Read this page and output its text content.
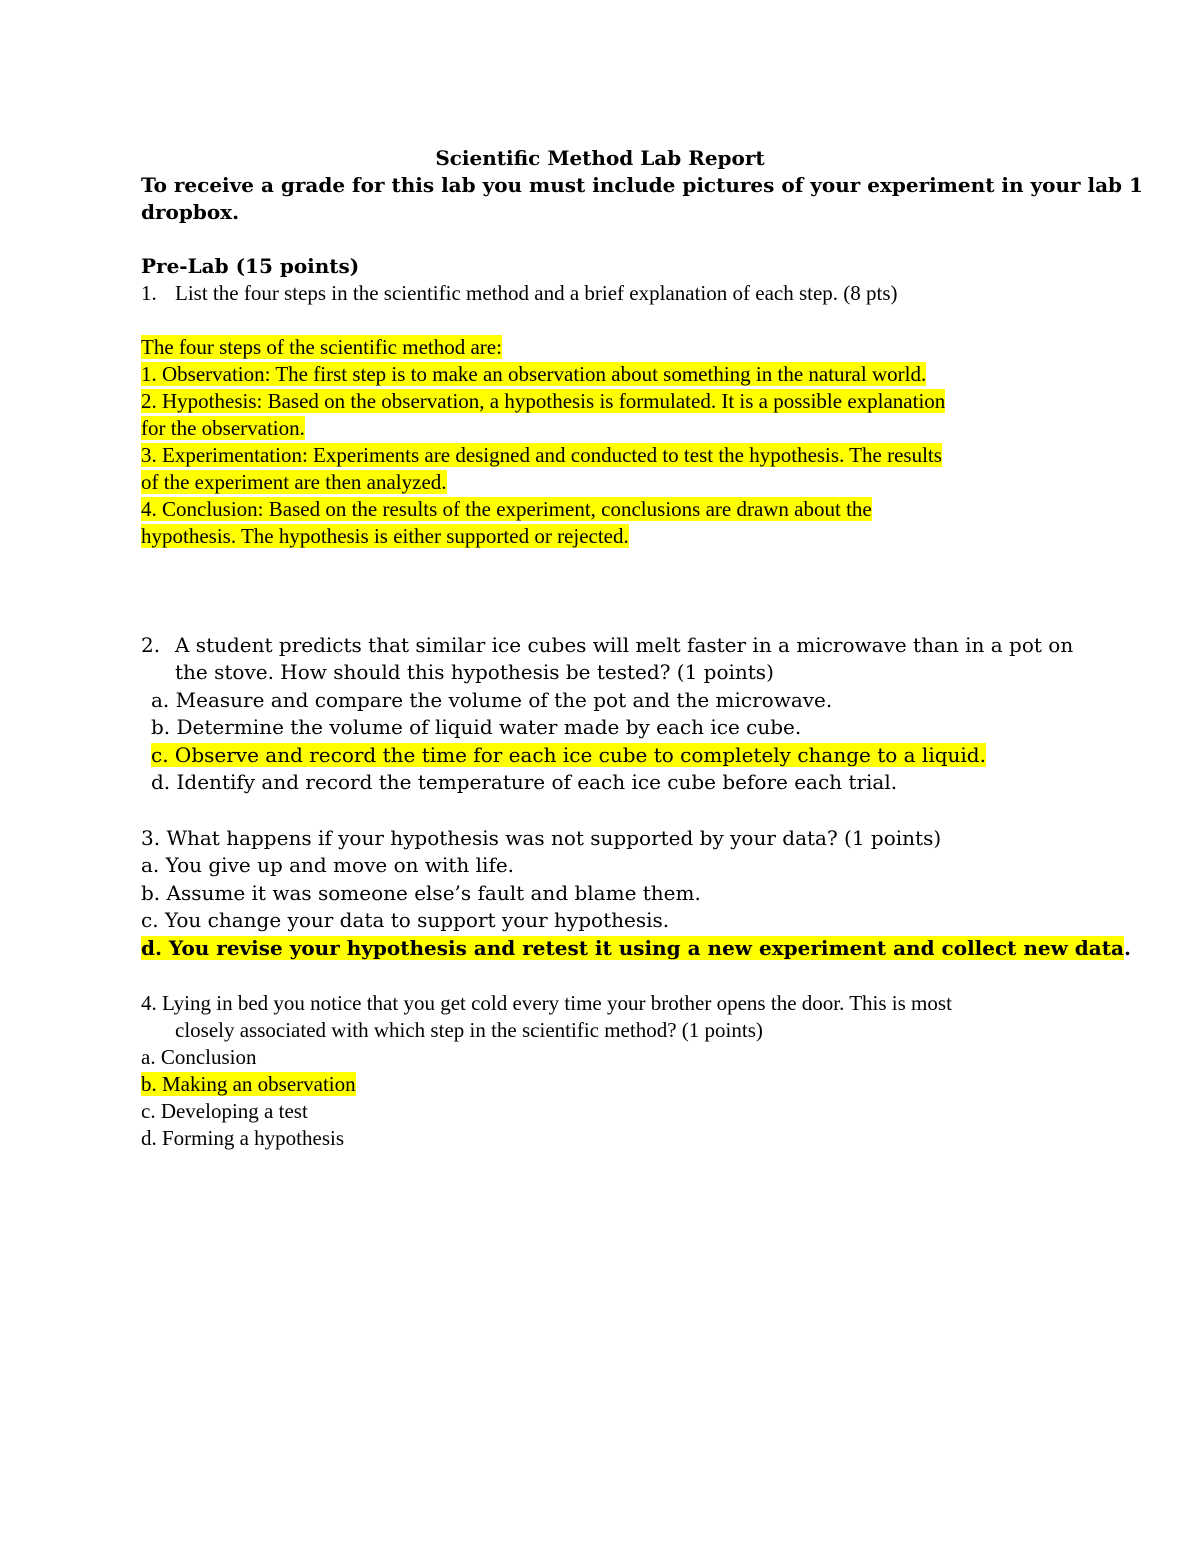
Scientific Method Lab Report
To receive a grade for this lab you must include pictures of your experiment in your lab 1
dropbox.
Pre-Lab (15 points)
1. List the four steps in the scientific method and a brief explanation of each step. (8 pts)
The four steps of the scientific method are:
1. Observation: The first step is to make an observation about something in the natural world.
2. Hypothesis: Based on the observation, a hypothesis is formulated. It is a possible explanation
for the observation.
3. Experimentation: Experiments are designed and conducted to test the hypothesis. The results
of the experiment are then analyzed.
4. Conclusion: Based on the results of the experiment, conclusions are drawn about the
hypothesis. The hypothesis is either supported or rejected.
2. A student predicts that similar ice cubes will melt faster in a microwave than in a pot on
the stove. How should this hypothesis be tested? (1 points)
a. Measure and compare the volume of the pot and the microwave.
b. Determine the volume of liquid water made by each ice cube.
c. Observe and record the time for each ice cube to completely change to a liquid.
d. Identify and record the temperature of each ice cube before each trial.
3. What happens if your hypothesis was not supported by your data? (1 points)
a. You give up and move on with life.
b. Assume it was someone else’s fault and blame them.
c. You change your data to support your hypothesis.
d. You revise your hypothesis and retest it using a new experiment and collect new data.
4. Lying in bed you notice that you get cold every time your brother opens the door. This is most
closely associated with which step in the scientific method? (1 points)
a. Conclusion
b. Making an observation
c. Developing a test
d. Forming a hypothesis
